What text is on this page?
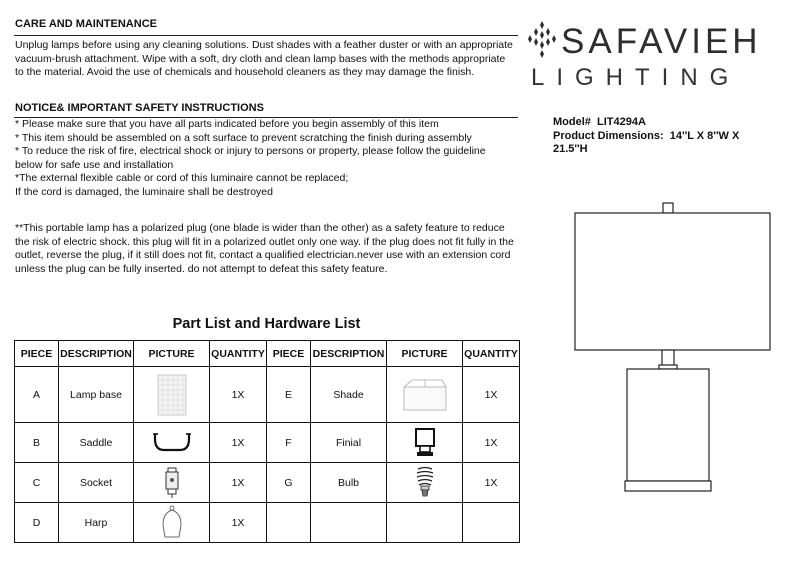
CARE AND MAINTENANCE
Unplug lamps before using any cleaning solutions. Dust shades with a feather duster or with an appropriate
vacuum-brush attachment. Wipe with a soft, dry cloth and clean lamp bases with the methods appropriate
to the material. Avoid the use of chemicals and household cleaners as they may damage the finish.
NOTICE& IMPORTANT SAFETY INSTRUCTIONS
* Please make sure that you have all parts indicated before you begin assembly of this item
* This item should be assembled on a soft surface to prevent scratching the finish during assembly
* To reduce the risk of fire, electrical shock or injury to persons or property, please follow the guideline
below for safe use and installation
*The external flexible cable or cord of this luminaire cannot be replaced;
If the cord is damaged, the luminaire shall be destroyed
**This portable lamp has a polarized plug (one blade is wider than the other) as a safety feature to reduce
the risk of electric shock. this plug will fit in a polarized outlet only one way. if the plug does not fit fully in the
outlet, reverse the plug, if it still does not fit, contact a qualified electrician.never use with an extension cord
unless the plug can be fully inserted. do not attempt to defeat this safety feature.
Part List and Hardware List
PIECE	DESCRIPTION	PICTURE	QUANTITY	PIECE	DESCRIPTION	PICTURE	QUANTITY
A	Lamp base		1X	E	Shade		1X
B	Saddle		1X	F	Finial		1X
C	Socket		1X	G	Bulb		1X
D	Harp		1X				
SAFAVIEH
LIGHTING
Model#  LIT4294A
Product Dimensions:  14''L X 8''W X
21.5''H
